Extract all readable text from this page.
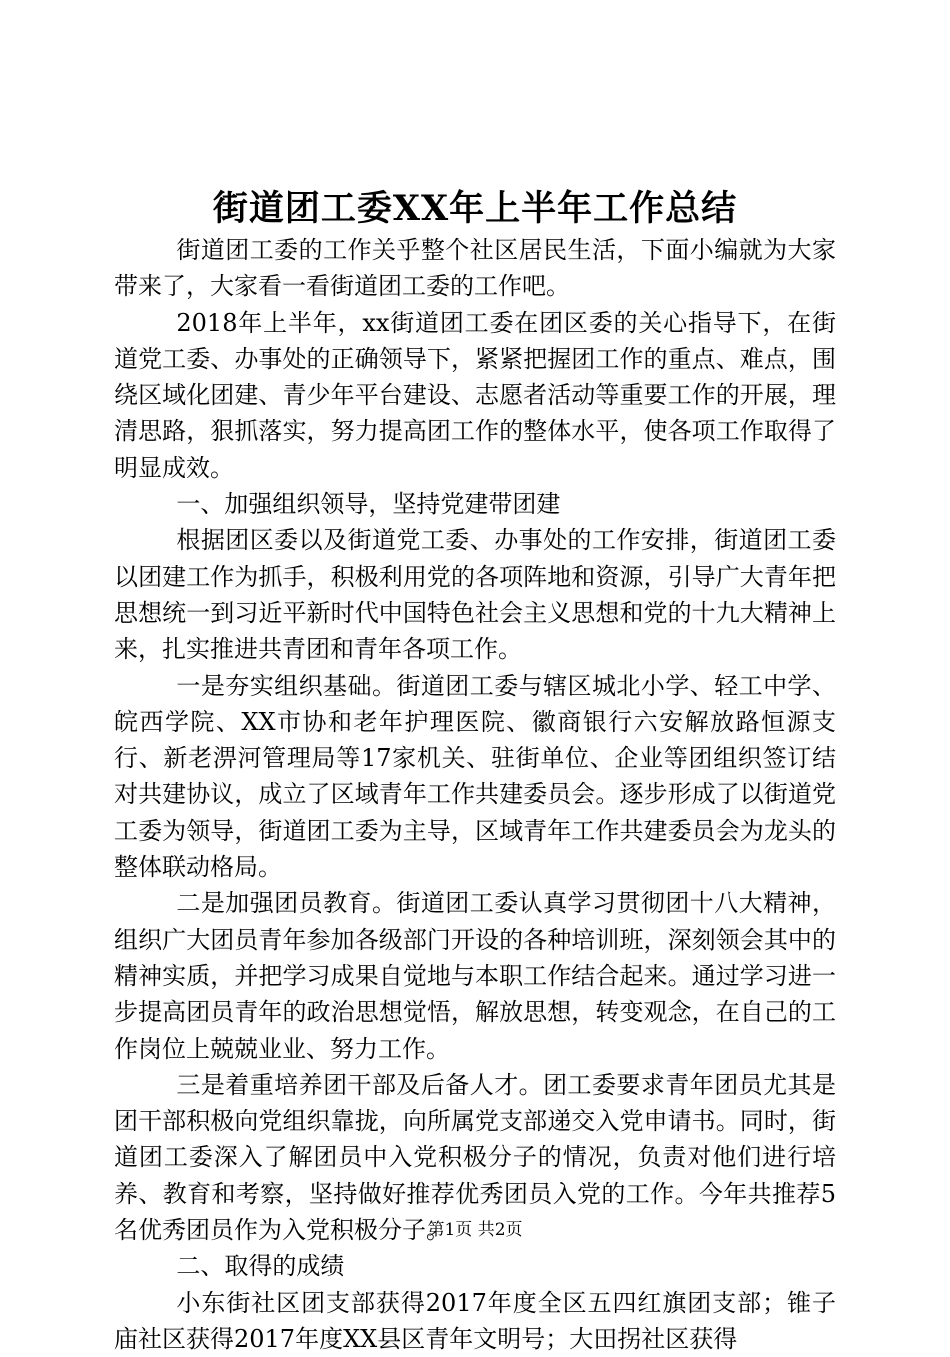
街道团工委XX年上半年工作总结

街道团工委的工作关乎整个社区居民生活，下面小编就为大家带来了，大家看一看街道团工委的工作吧。

2018年上半年，xx街道团工委在团区委的关心指导下，在街道党工委、办事处的正确领导下，紧紧把握团工作的重点、难点，围绕区域化团建、青少年平台建设、志愿者活动等重要工作的开展，理清思路，狠抓落实，努力提高团工作的整体水平，使各项工作取得了明显成效。

一、加强组织领导，坚持党建带团建

根据团区委以及街道党工委、办事处的工作安排，街道团工委以团建工作为抓手，积极利用党的各项阵地和资源，引导广大青年把思想统一到习近平新时代中国特色社会主义思想和党的十九大精神上来，扎实推进共青团和青年各项工作。

一是夯实组织基础。街道团工委与辖区城北小学、轻工中学、皖西学院、XX市协和老年护理医院、徽商银行六安解放路恒源支行、新老淠河管理局等17家机关、驻街单位、企业等团组织签订结对共建协议，成立了区域青年工作共建委员会。逐步形成了以街道党工委为领导，街道团工委为主导，区域青年工作共建委员会为龙头的整体联动格局。

二是加强团员教育。街道团工委认真学习贯彻团十八大精神，组织广大团员青年参加各级部门开设的各种培训班，深刻领会其中的精神实质，并把学习成果自觉地与本职工作结合起来。通过学习进一步提高团员青年的政治思想觉悟，解放思想，转变观念，在自己的工作岗位上兢兢业业、努力工作。

三是着重培养团干部及后备人才。团工委要求青年团员尤其是团干部积极向党组织靠拢，向所属党支部递交入党申请书。同时，街道团工委深入了解团员中入党积极分子的情况，负责对他们进行培养、教育和考察，坚持做好推荐优秀团员入党的工作。今年共推荐5名优秀团员作为入党积极分子。

二、取得的成绩

小东街社区团支部获得2017年度全区五四红旗团支部；锥子庙社区获得2017年度XX县区青年文明号；大田拐社区获得

第1页 共2页
